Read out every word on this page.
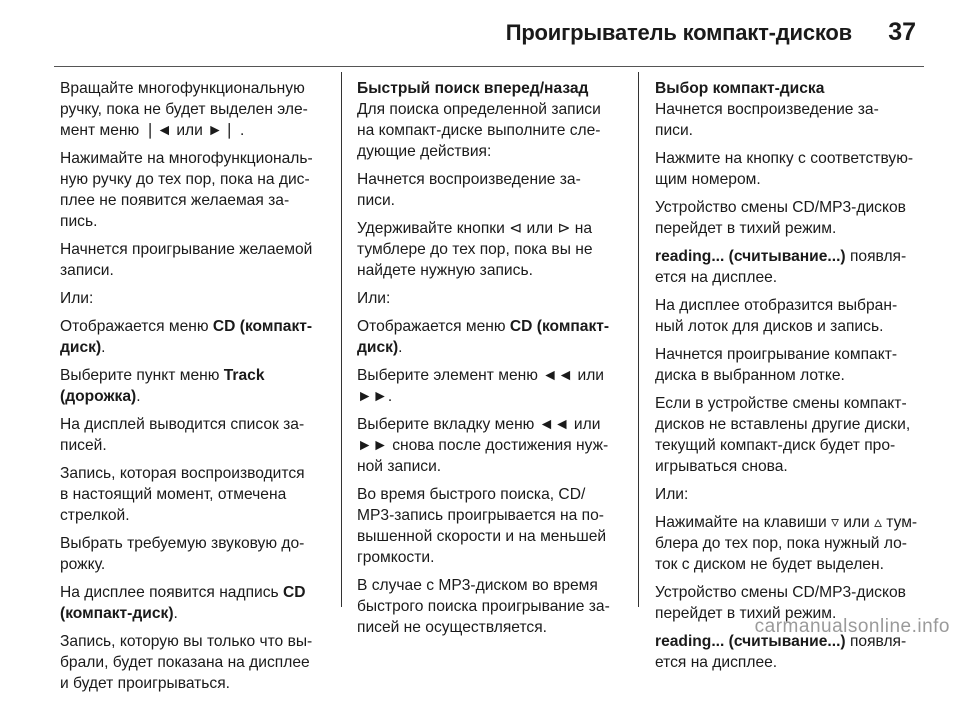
Проигрыватель компакт-дисков 37
Вращайте многофункциональную
ручку, пока не будет выделен эле-
мент меню ❘◄ или ►❘ .
Нажимайте на многофункциональ-
ную ручку до тех пор, пока на дис-
плее не появится желаемая за-
пись.
Начнется проигрывание желаемой
записи.
Или:
Отображается меню CD (компакт-
диск).
Выберите пункт меню Track
(дорожка).
На дисплей выводится список за-
писей.
Запись, которая воспроизводится
в настоящий момент, отмечена
стрелкой.
Выбрать требуемую звуковую до-
рожку.
На дисплее появится надпись CD
(компакт-диск).
Запись, которую вы только что вы-
брали, будет показана на дисплее
и будет проигрываться.
Быстрый поиск вперед/назад
Для поиска определенной записи
на компакт-диске выполните сле-
дующие действия:
Начнется воспроизведение за-
писи.
Удерживайте кнопки ⊲ или ⊳ на
тумблере до тех пор, пока вы не
найдете нужную запись.
Или:
Отображается меню CD (компакт-
диск).
Выберите элемент меню ◄◄ или
►►.
Выберите вкладку меню ◄◄ или
►► снова после достижения нуж-
ной записи.
Во время быстрого поиска, CD/
MP3-запись проигрывается на по-
вышенной скорости и на меньшей
громкости.
В случае с MP3-диском во время
быстрого поиска проигрывание за-
писей не осуществляется.
Выбор компакт-диска
Начнется воспроизведение за-
писи.
Нажмите на кнопку с соответствую-
щим номером.
Устройство смены CD/MP3-дисков
перейдет в тихий режим.
reading... (считывание...) появля-
ется на дисплее.
На дисплее отобразится выбран-
ный лоток для дисков и запись.
Начнется проигрывание компакт-
диска в выбранном лотке.
Если в устройстве смены компакт-
дисков не вставлены другие диски,
текущий компакт-диск будет про-
игрываться снова.
Или:
Нажимайте на клавиши ▿ или ▵ тум-
блера до тех пор, пока нужный ло-
ток с диском не будет выделен.
Устройство смены CD/MP3-дисков
перейдет в тихий режим.
reading... (считывание...) появля-
ется на дисплее.
carmanualsonline.info
